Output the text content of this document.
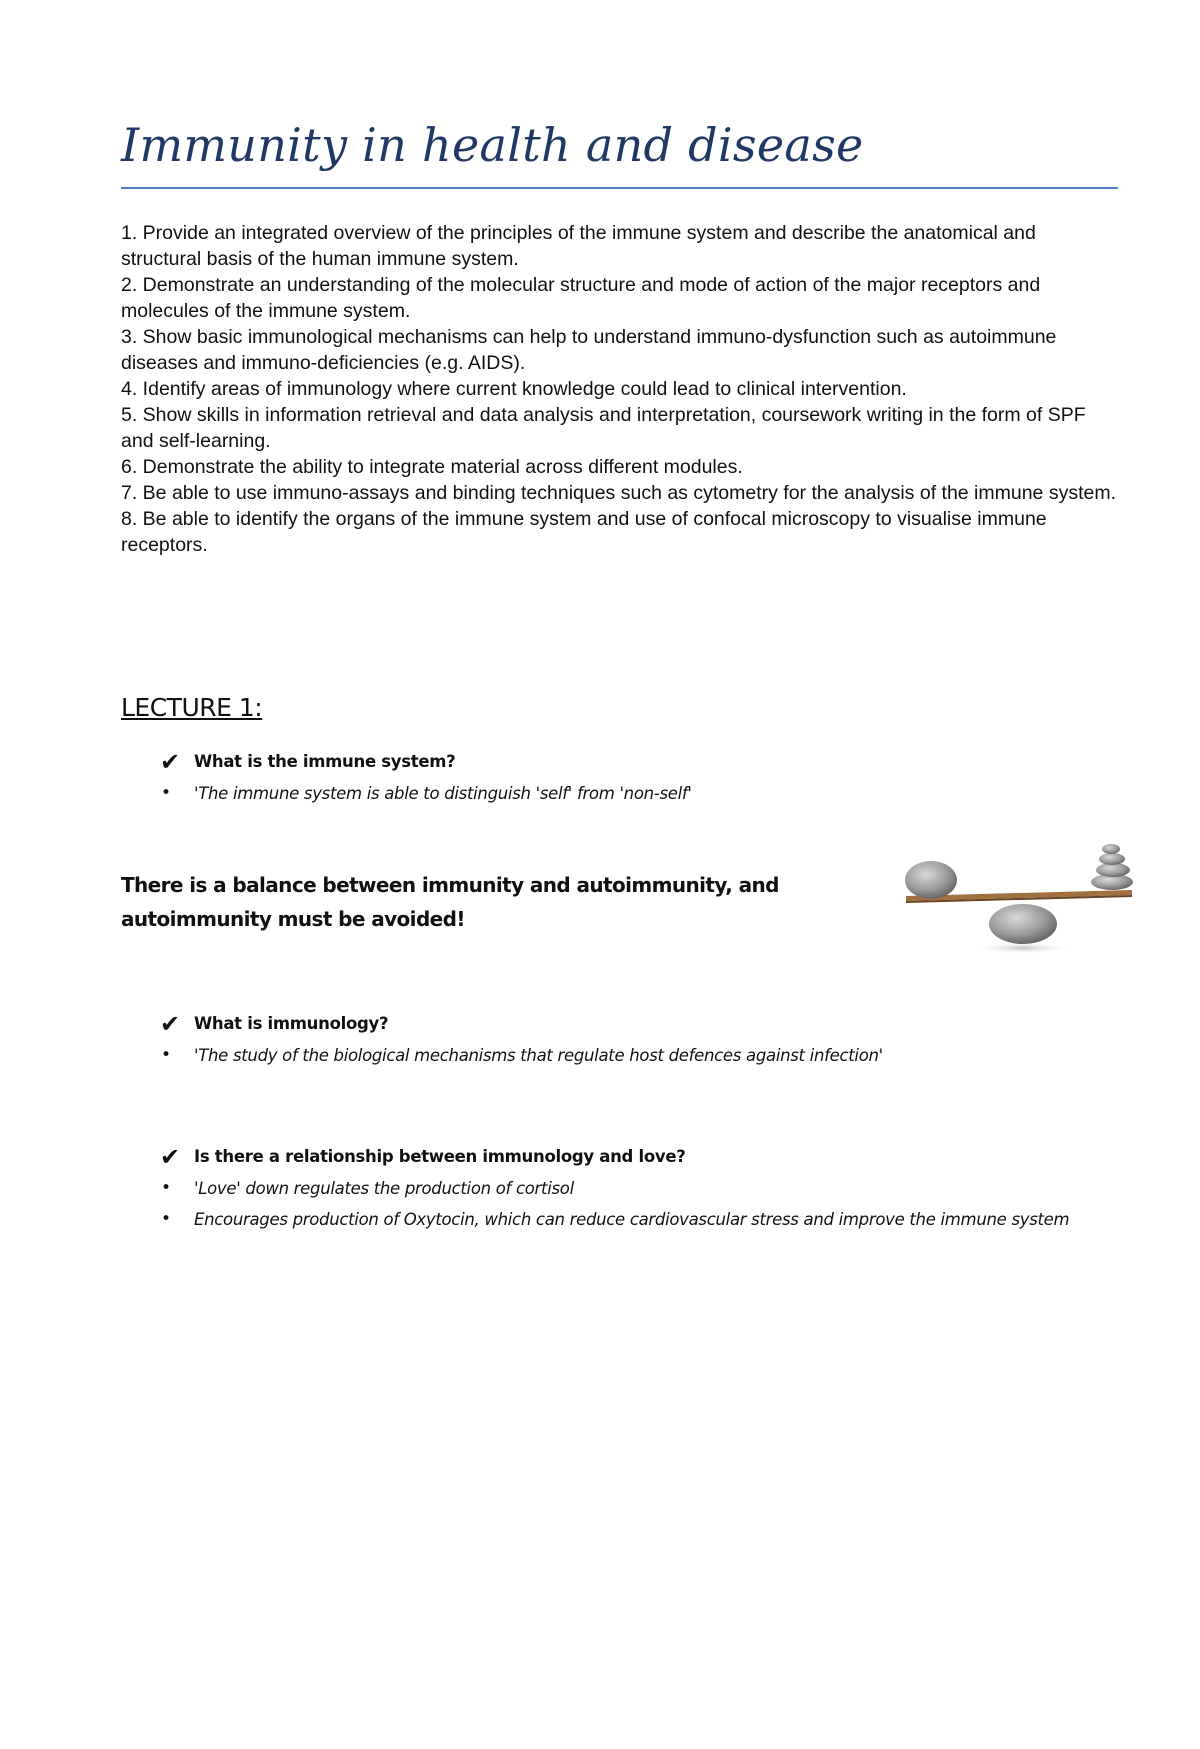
Immunity in health and disease
1. Provide an integrated overview of the principles of the immune system and describe the anatomical and structural basis of the human immune system.
2. Demonstrate an understanding of the molecular structure and mode of action of the major receptors and molecules of the immune system.
3. Show basic immunological mechanisms can help to understand immuno-dysfunction such as autoimmune diseases and immuno-deficiencies (e.g. AIDS).
4. Identify areas of immunology where current knowledge could lead to clinical intervention.
5. Show skills in information retrieval and data analysis and interpretation, coursework writing in the form of SPF and self-learning.
6. Demonstrate the ability to integrate material across different modules.
7. Be able to use immuno-assays and binding techniques such as cytometry for the analysis of the immune system.
8. Be able to identify the organs of the immune system and use of confocal microscopy to visualise immune receptors.
LECTURE 1:
✔ What is the immune system?
• 'The immune system is able to distinguish 'self' from 'non-self'

There is a balance between immunity and autoimmunity, and autoimmunity must be avoided!

✔ What is immunology?
• 'The study of the biological mechanisms that regulate host defences against infection'
✔ Is there a relationship between immunology and love?
• 'Love' down regulates the production of cortisol
• Encourages production of Oxytocin, which can reduce cardiovascular stress and improve the immune system
